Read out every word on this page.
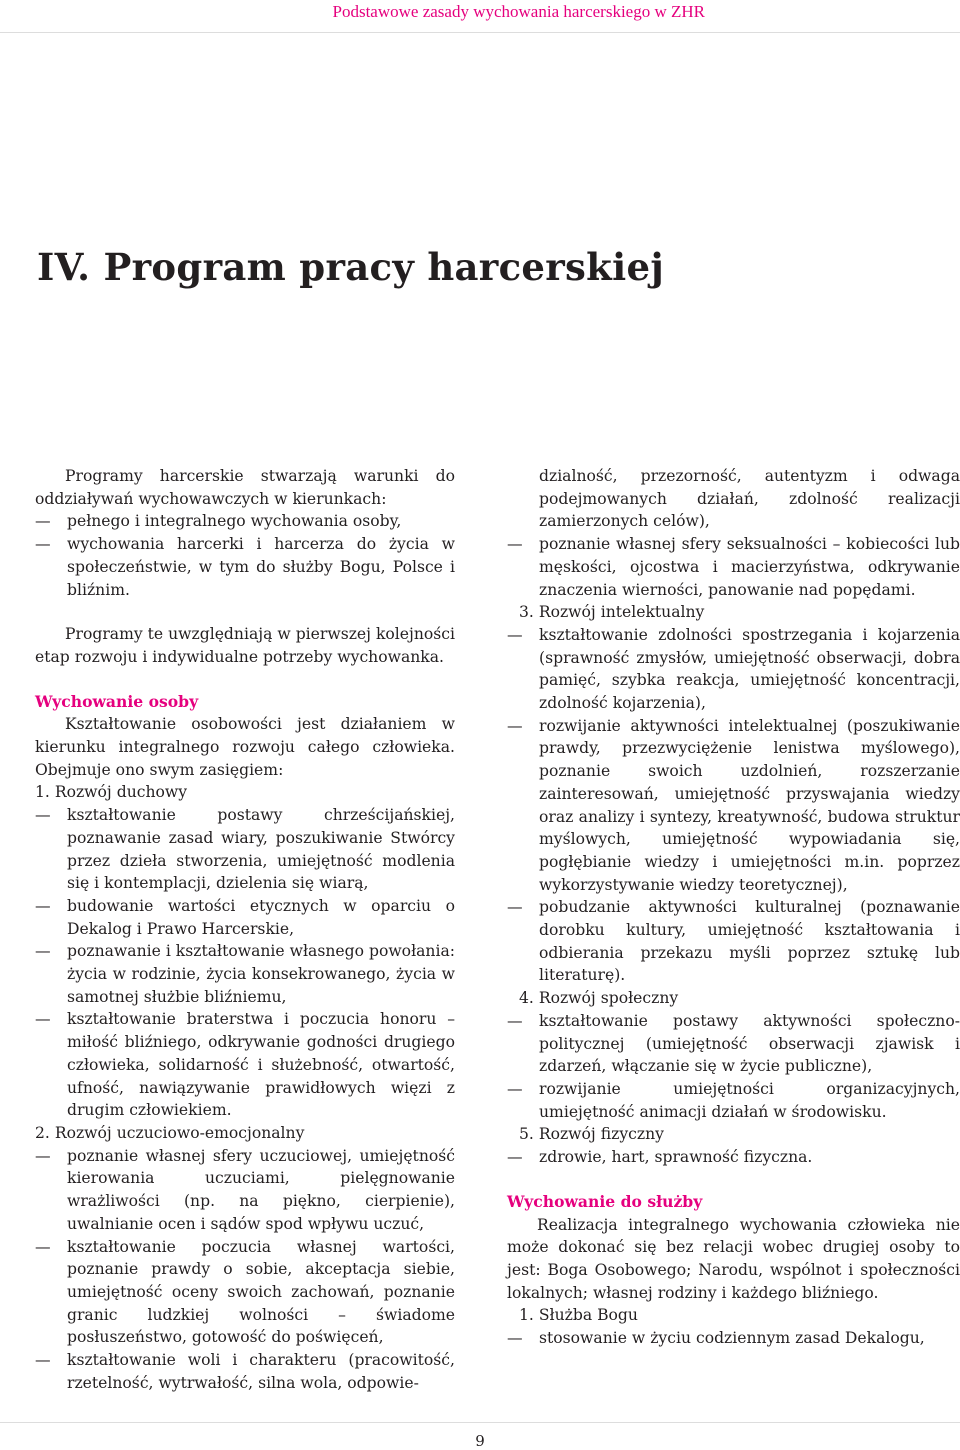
Podstawowe zasady wychowania harcerskiego w ZHR
IV. Program pracy harcerskiej

Programy harcerskie stwarzają warunki do oddziaływań wychowawczych w kierunkach:

—
pełnego i integralnego wychowania osoby,
—
wychowania harcerki i harcerza do życia w społeczeństwie, w tym do służby Bogu, Polsce i bliźnim.

Programy te uwzględniają w pierwszej kolejności etap rozwoju i indywidualne potrzeby wychowanka.

Wychowanie osoby

Kształtowanie osobowości jest działaniem w kierunku integralnego rozwoju całego człowieka. Obejmuje ono swym zasięgiem:

1. Rozwój duchowy

—
kształtowanie postawy chrześcijańskiej, poznawanie zasad wiary, poszukiwanie Stwórcy przez dzieła stworzenia, umiejętność modlenia się i kontemplacji, dzielenia się wiarą,
—
budowanie wartości etycznych w oparciu o Dekalog i Prawo Harcerskie,
—
poznawanie i kształtowanie własnego powołania: życia w rodzinie, życia konsekrowanego, życia w samotnej służbie bliźniemu,
—
kształtowanie braterstwa i poczucia honoru – miłość bliźniego, odkrywanie godności drugiego człowieka, solidarność i służebność, otwartość, ufność, nawiązywanie prawidłowych więzi z drugim człowiekiem.

2. Rozwój uczuciowo-emocjonalny

—
poznanie własnej sfery uczuciowej, umiejętność kierowania uczuciami, pielęgnowanie wrażliwości (np. na piękno, cierpienie), uwalnianie ocen i sądów spod wpływu uczuć,
—
kształtowanie poczucia własnej wartości, poznanie prawdy o sobie, akceptacja siebie, umiejętność oceny swoich zachowań, poznanie granic ludzkiej wolności – świadome posłuszeństwo, gotowość do poświęceń,
—
kształtowanie woli i charakteru (pracowitość, rzetelność, wytrwałość, silna wola, odpowie-
dzialność, przezorność, autentyzm i odwaga podejmowanych działań, zdolność realizacji zamierzonych celów),
—
poznanie własnej sfery seksualności – kobiecości lub męskości, ojcostwa i macierzyństwa, odkrywanie znaczenia wierności, panowanie nad popędami.

3. Rozwój intelektualny

—
kształtowanie zdolności spostrzegania i kojarzenia (sprawność zmysłów, umiejętność obserwacji, dobra pamięć, szybka reakcja, umiejętność koncentracji, zdolność kojarzenia),
—
rozwijanie aktywności intelektualnej (poszukiwanie prawdy, przezwyciężenie lenistwa myślowego), poznanie swoich uzdolnień, rozszerzanie zainteresowań, umiejętność przyswajania wiedzy oraz analizy i syntezy, kreatywność, budowa struktur myślowych, umiejętność wypowiadania się, pogłębianie wiedzy i umiejętności m.in. poprzez wykorzystywanie wiedzy teoretycznej),
—
pobudzanie aktywności kulturalnej (poznawanie dorobku kultury, umiejętność kształtowania i odbierania przekazu myśli poprzez sztukę lub literaturę).

4. Rozwój społeczny

—
kształtowanie postawy aktywności społeczno-politycznej (umiejętność obserwacji zjawisk i zdarzeń, włączanie się w życie publiczne),
—
rozwijanie umiejętności organizacyjnych, umiejętność animacji działań w środowisku.

5. Rozwój fizyczny

—
zdrowie, hart, sprawność fizyczna.

Wychowanie do służby

Realizacja integralnego wychowania człowieka nie może dokonać się bez relacji wobec drugiej osoby to jest: Boga Osobowego; Narodu, wspólnot i społeczności lokalnych; własnej rodziny i każdego bliźniego.

1. Służba Bogu

—
stosowanie w życiu codziennym zasad Dekalogu,
9
